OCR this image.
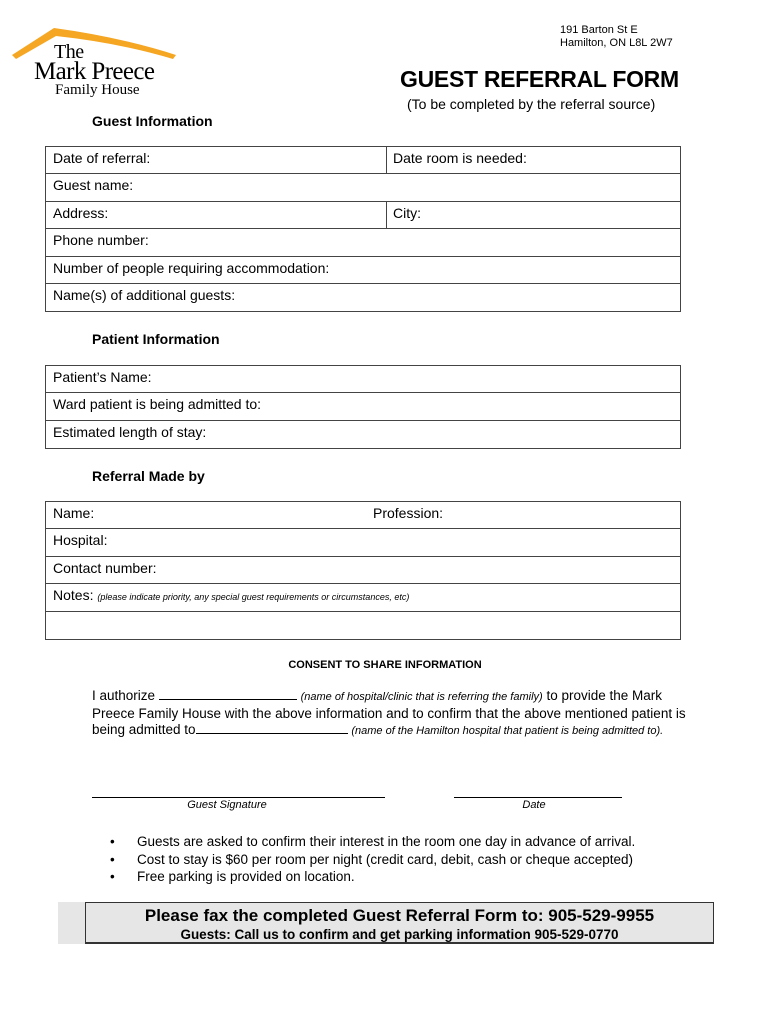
The
Mark Preece
Family House
191 Barton St E
Hamilton, ON L8L 2W7
GUEST REFERRAL FORM
(To be completed by the referral source)
Guest Information
Date of referral:	Date room is needed:
Guest name:
Address:	City:
Phone number:
Number of people requiring accommodation:
Name(s) of additional guests:
Patient Information
Patient’s Name:
Ward patient is being admitted to:
Estimated length of stay:
Referral Made by
Name:	Profession:
Hospital:
Contact number:
Notes: (please indicate priority, any special guest requirements or circumstances, etc)
CONSENT TO SHARE INFORMATION
I authorize	(name of hospital/clinic that is referring the family) to provide the Mark Preece Family House with the above information and to confirm that the above mentioned patient is being admitted to	(name of the Hamilton hospital that patient is being admitted to).
Guest Signature	Date
• Guests are asked to confirm their interest in the room one day in advance of arrival.
• Cost to stay is $60 per room per night (credit card, debit, cash or cheque accepted)
• Free parking is provided on location.
Please fax the completed Guest Referral Form to: 905-529-9955
Guests: Call us to confirm and get parking information 905-529-0770
